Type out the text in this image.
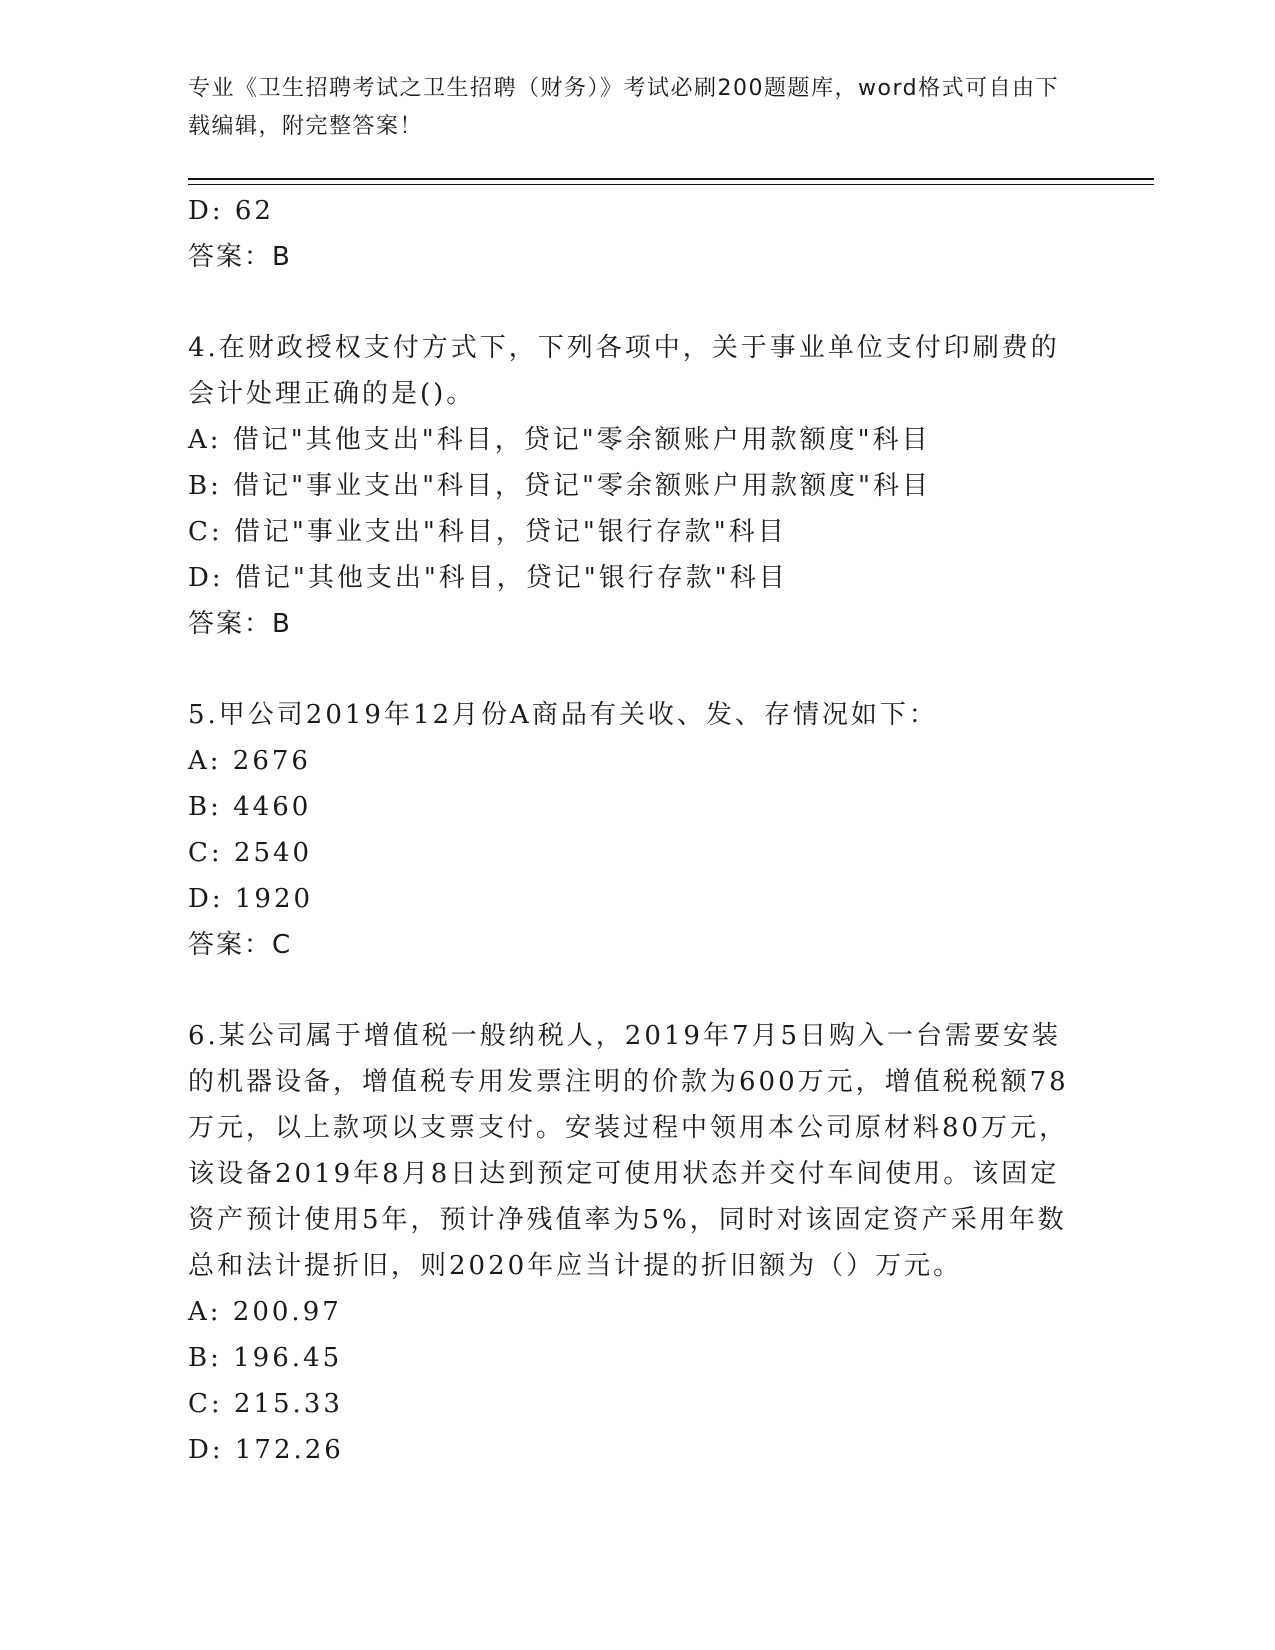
专业《卫生招聘考试之卫生招聘（财务）》考试必刷200题题库，word格式可自由下载编辑，附完整答案！
D: 62
答案：B
4.在财政授权支付方式下，下列各项中，关于事业单位支付印刷费的
会计处理正确的是()。
A: 借记"其他支出"科目，贷记"零余额账户用款额度"科目
B: 借记"事业支出"科目，贷记"零余额账户用款额度"科目
C: 借记"事业支出"科目，贷记"银行存款"科目
D: 借记"其他支出"科目，贷记"银行存款"科目
答案：B
5.甲公司2019年12月份A商品有关收、发、存情况如下：
A: 2676
B: 4460
C: 2540
D: 1920
答案：C
6.某公司属于增值税一般纳税人，2019年7月5日购入一台需要安装
的机器设备，增值税专用发票注明的价款为600万元，增值税税额78
万元，以上款项以支票支付。安装过程中领用本公司原材料80万元，
该设备2019年8月8日达到预定可使用状态并交付车间使用。该固定
资产预计使用5年，预计净残值率为5%，同时对该固定资产采用年数
总和法计提折旧，则2020年应当计提的折旧额为（）万元。
A: 200.97
B: 196.45
C: 215.33
D: 172.26
